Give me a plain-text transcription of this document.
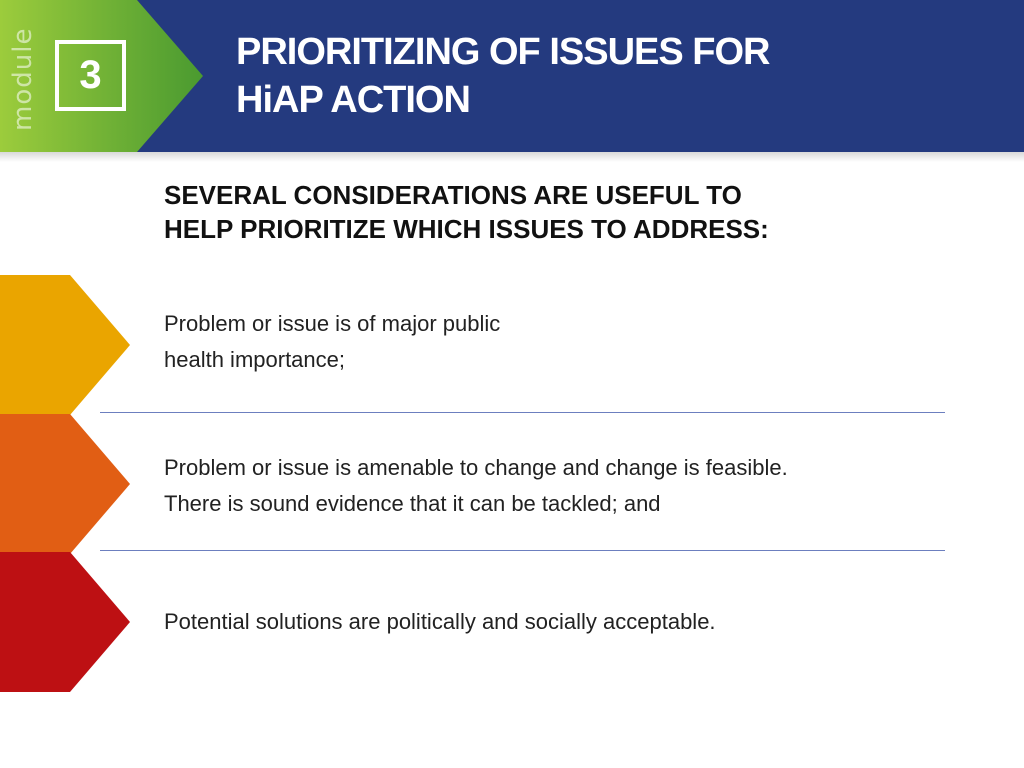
module 3
PRIORITIZING OF ISSUES FOR
HiAP ACTION
SEVERAL CONSIDERATIONS ARE USEFUL TO
HELP PRIORITIZE WHICH ISSUES TO ADDRESS:
Problem or issue is of major public
health importance;
Problem or issue is amenable to change and change is feasible.
There is sound evidence that it can be tackled; and
Potential solutions are politically and socially acceptable.
